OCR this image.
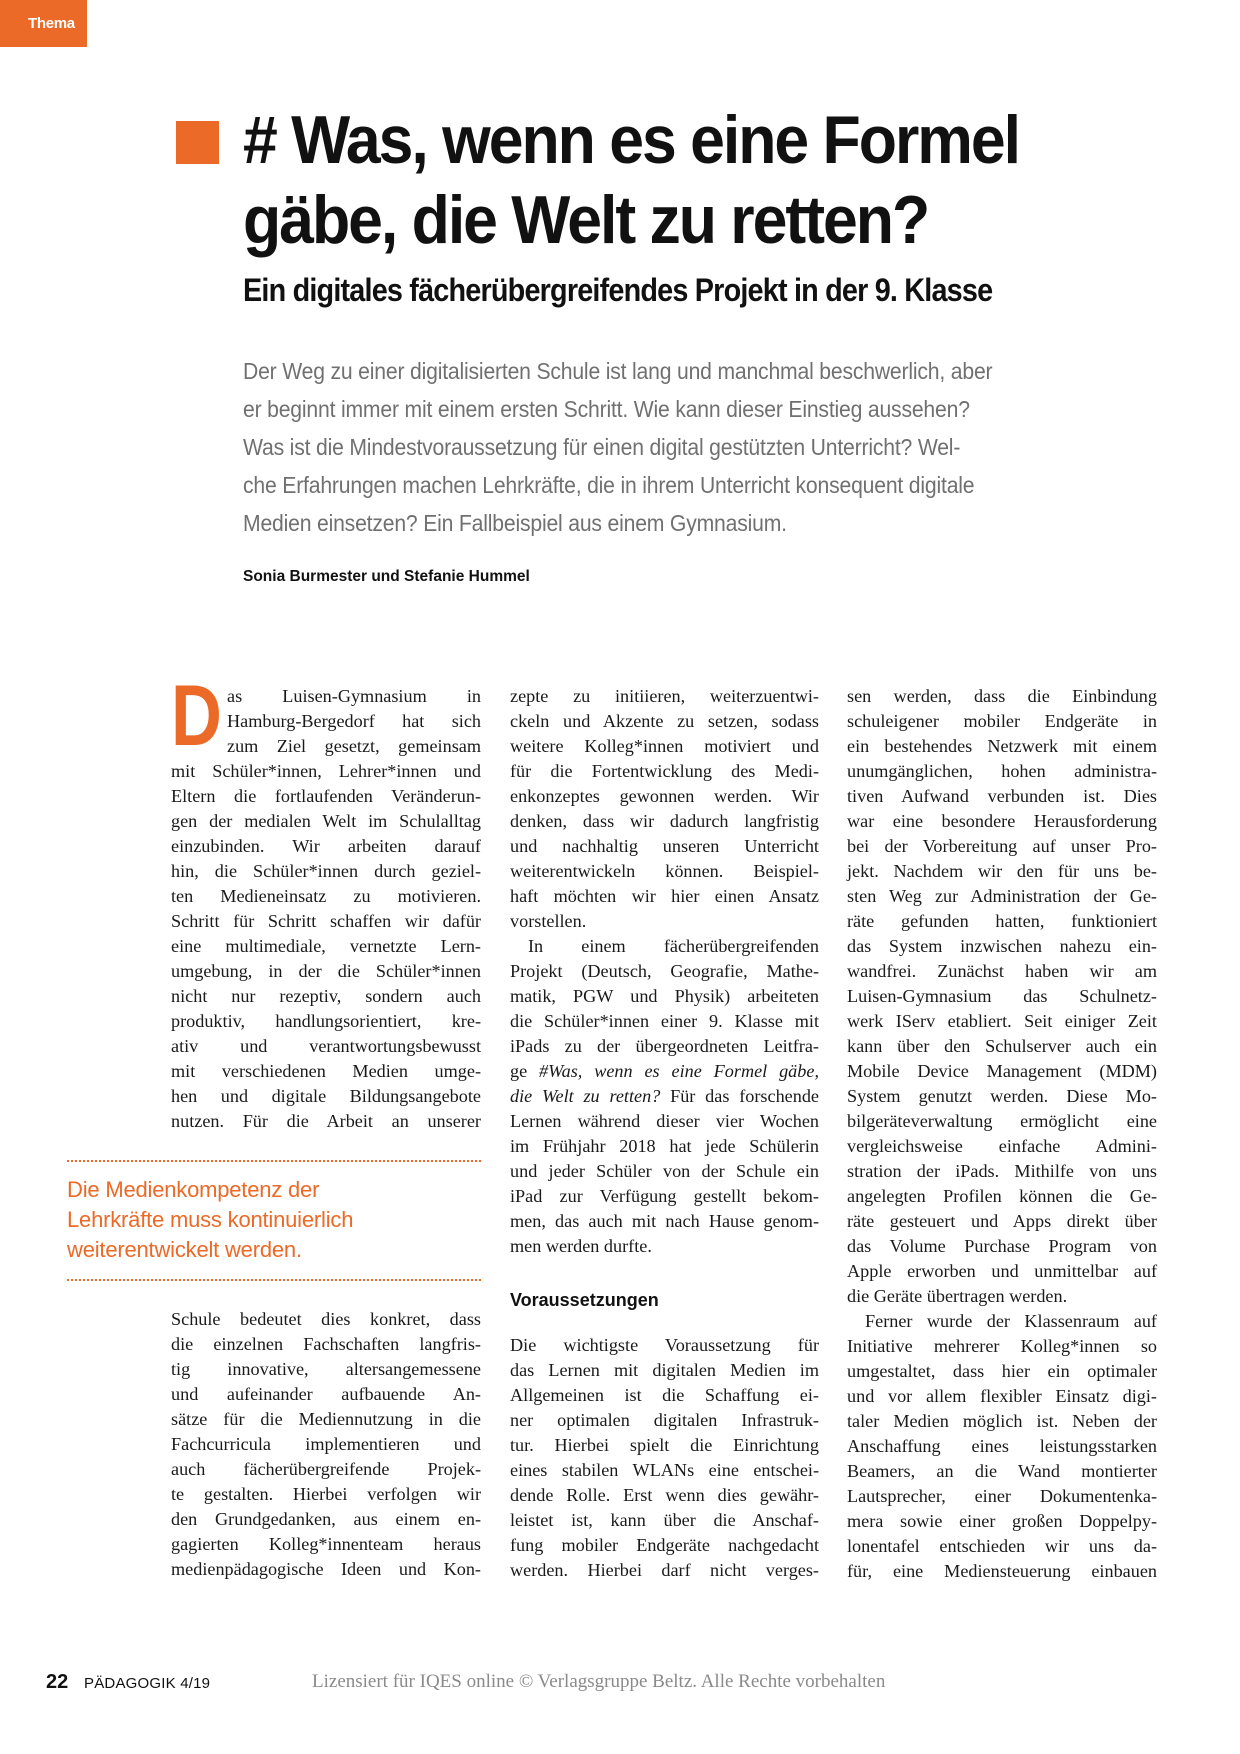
Thema
# Was, wenn es eine Formel
gäbe, die Welt zu retten?
Ein digitales fächerübergreifendes Projekt in der 9. Klasse
Der Weg zu einer digitalisierten Schule ist lang und manchmal beschwerlich, aber
er beginnt immer mit einem ersten Schritt. Wie kann dieser Einstieg aussehen?
Was ist die Mindestvoraussetzung für einen digital gestützten Unterricht? Wel-
che Erfahrungen machen Lehrkräfte, die in ihrem Unterricht konsequent digitale
Medien einsetzen? Ein Fallbeispiel aus einem Gymnasium.
Sonia Burmester und Stefanie Hummel
D as Luisen-Gymnasium in
Hamburg-Bergedorf hat sich
zum Ziel gesetzt, gemeinsam
mit Schüler*innen, Lehrer*innen und
Eltern die fortlaufenden Veränderun-
gen der medialen Welt im Schulalltag
einzubinden. Wir arbeiten darauf
hin, die Schüler*innen durch geziel-
ten Medieneinsatz zu motivieren.
Schritt für Schritt schaffen wir dafür
eine multimediale, vernetzte Lern-
umgebung, in der die Schüler*innen
nicht nur rezeptiv, sondern auch
produktiv, handlungsorientiert, kre-
ativ und verantwortungsbewusst
mit verschiedenen Medien umge-
hen und digitale Bildungsangebote
nutzen. Für die Arbeit an unserer
Die Medienkompetenz der
Lehrkräfte muss kontinuierlich
weiterentwickelt werden.
Schule bedeutet dies konkret, dass
die einzelnen Fachschaften langfris-
tig innovative, altersangemessene
und aufeinander aufbauende An-
sätze für die Mediennutzung in die
Fachcurricula implementieren und
auch fächerübergreifende Projek-
te gestalten. Hierbei verfolgen wir
den Grundgedanken, aus einem en-
gagierten Kolleg*innenteam heraus
medienpädagogische Ideen und Kon-
zepte zu initiieren, weiterzuentwi-
ckeln und Akzente zu setzen, sodass
weitere Kolleg*innen motiviert und
für die Fortentwicklung des Medi-
enkonzeptes gewonnen werden. Wir
denken, dass wir dadurch langfristig
und nachhaltig unseren Unterricht
weiterentwickeln können. Beispiel-
haft möchten wir hier einen Ansatz
vorstellen.
In einem fächerübergreifenden
Projekt (Deutsch, Geografie, Mathe-
matik, PGW und Physik) arbeiteten
die Schüler*innen einer 9. Klasse mit
iPads zu der übergeordneten Leitfra-
ge #Was, wenn es eine Formel gäbe,
die Welt zu retten? Für das forschende
Lernen während dieser vier Wochen
im Frühjahr 2018 hat jede Schülerin
und jeder Schüler von der Schule ein
iPad zur Verfügung gestellt bekom-
men, das auch mit nach Hause genom-
men werden durfte.
Voraussetzungen
Die wichtigste Voraussetzung für
das Lernen mit digitalen Medien im
Allgemeinen ist die Schaffung ei-
ner optimalen digitalen Infrastruk-
tur. Hierbei spielt die Einrichtung
eines stabilen WLANs eine entschei-
dende Rolle. Erst wenn dies gewähr-
leistet ist, kann über die Anschaf-
fung mobiler Endgeräte nachgedacht
werden. Hierbei darf nicht verges-
sen werden, dass die Einbindung
schuleigener mobiler Endgeräte in
ein bestehendes Netzwerk mit einem
unumgänglichen, hohen administra-
tiven Aufwand verbunden ist. Dies
war eine besondere Herausforderung
bei der Vorbereitung auf unser Pro-
jekt. Nachdem wir den für uns be-
sten Weg zur Administration der Ge-
räte gefunden hatten, funktioniert
das System inzwischen nahezu ein-
wandfrei. Zunächst haben wir am
Luisen-Gymnasium das Schulnetz-
werk IServ etabliert. Seit einiger Zeit
kann über den Schulserver auch ein
Mobile Device Management (MDM)
System genutzt werden. Diese Mo-
bilgeräteverwaltung ermöglicht eine
vergleichsweise einfache Admini-
stration der iPads. Mithilfe von uns
angelegten Profilen können die Ge-
räte gesteuert und Apps direkt über
das Volume Purchase Program von
Apple erworben und unmittelbar auf
die Geräte übertragen werden.
Ferner wurde der Klassenraum auf
Initiative mehrerer Kolleg*innen so
umgestaltet, dass hier ein optimaler
und vor allem flexibler Einsatz digi-
taler Medien möglich ist. Neben der
Anschaffung eines leistungsstarken
Beamers, an die Wand montierter
Lautsprecher, einer Dokumentenka-
mera sowie einer großen Doppelpy-
lonentafel entschieden wir uns da-
für, eine Mediensteuerung einbauen
22 PÄDAGOGIK 4/19	Lizensiert für IQES online © Verlagsgruppe Beltz. Alle Rechte vorbehalten
